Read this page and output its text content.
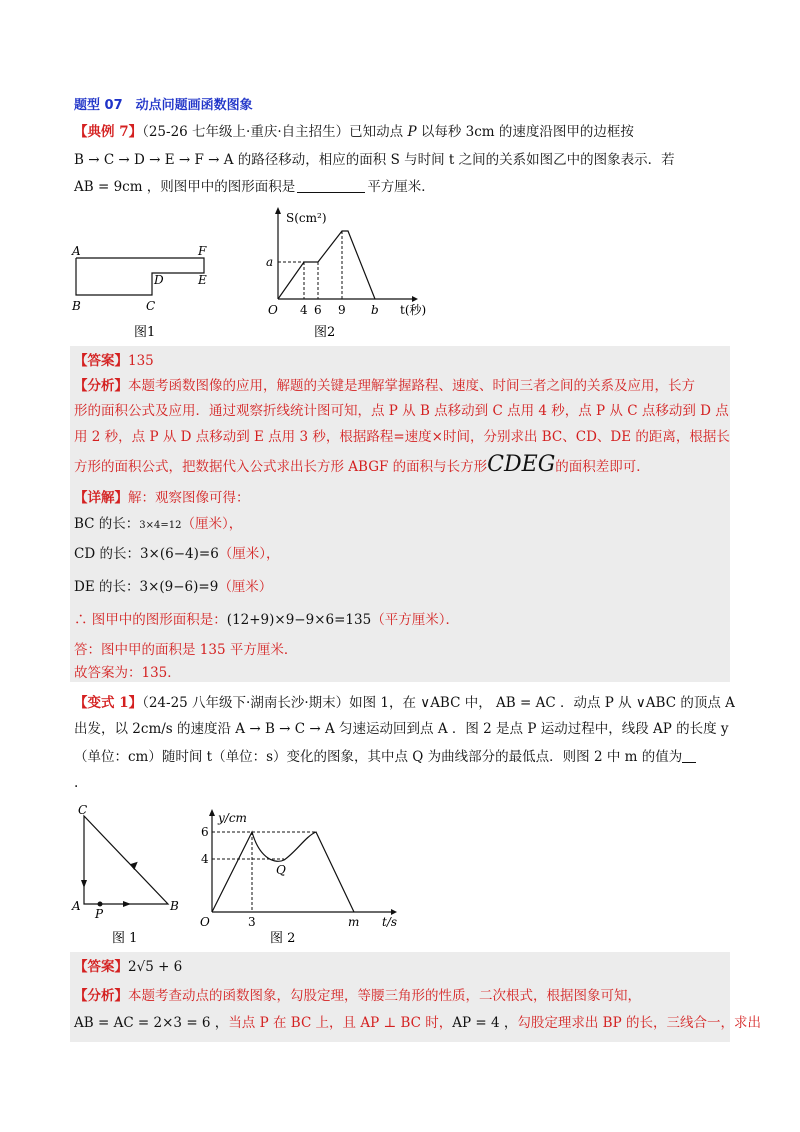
题型 07　动点问题画函数图象
【典例 7】（25-26 七年级上·重庆·自主招生）已知动点 P 以每秒 3cm 的速度沿图甲的边框按
B → C → D → E → F → A 的路径移动，相应的面积 S 与时间 t 之间的关系如图乙中的图象表示．若
AB = 9cm ，则图甲中的图形面积是	平方厘米．
A	F
E
D
B	C
图1
S(cm²)
a
O 4 6 9 b t(秒)
图2
【答案】135
【分析】本题考函数图像的应用，解题的关键是理解掌握路程、速度、时间三者之间的关系及应用，长方
形的面积公式及应用．通过观察折线统计图可知，点 P 从 B 点移动到 C 点用 4 秒，点 P 从 C 点移动到 D 点
用 2 秒，点 P 从 D 点移动到 E 点用 3 秒，根据路程=速度×时间，分别求出 BC、CD、DE 的距离，根据长
方形的面积公式，把数据代入公式求出长方形 ABGF 的面积与长方形CDEG的面积差即可．
【详解】解：观察图像可得：
BC 的长：3×4=12（厘米），
CD 的长：3×(6−4)=6（厘米），
DE 的长：3×(9−6)=9（厘米）
∴ 图甲中的图形面积是：(12+9)×9−9×6=135（平方厘米）．
答：图中甲的面积是 135 平方厘米．
故答案为：135．
【变式 1】（24-25 八年级下·湖南长沙·期末）如图 1，在 ∨ABC 中， AB = AC ．动点 P 从 ∨ABC 的顶点 A
出发，以 2cm/s 的速度沿 A → B → C → A 匀速运动回到点 A ．图 2 是点 P 运动过程中，线段 AP 的长度 y
（单位：cm）随时间 t（单位：s）变化的图象，其中点 Q 为曲线部分的最低点．则图 2 中 m 的值为
.
C
A	B
P
图 1
y/cm
6
4
Q
O	3	m t/s
图 2
【答案】2√5 + 6
【分析】本题考查动点的函数图象，勾股定理，等腰三角形的性质，二次根式，根据图象可知，
AB = AC = 2×3 = 6 ，当点 P 在 BC 上，且 AP ⊥ BC 时，AP = 4 ，勾股定理求出 BP 的长，三线合一，求出
